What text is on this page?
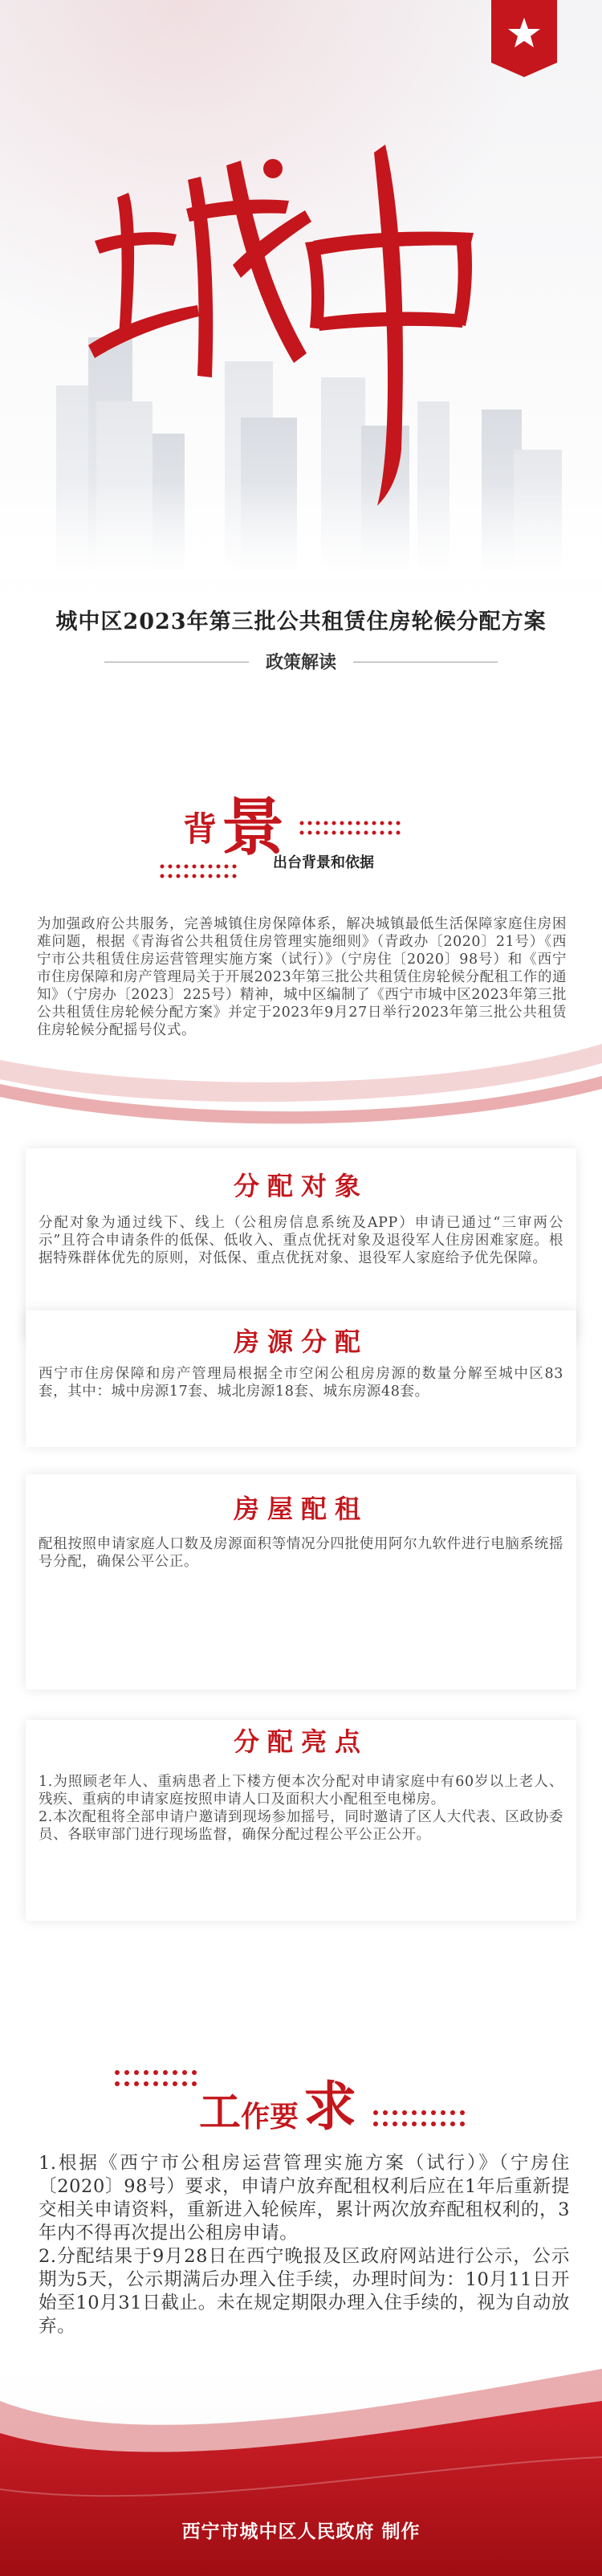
城中区2023年第三批公共租赁住房轮候分配方案
政策解读
背 景
出台背景和依据
为加强政府公共服务，完善城镇住房保障体系，解决城镇最低生活保障家庭住房困难问题，根据《青海省公共租赁住房管理实施细则》（青政办〔2020〕21号）《西宁市公共租赁住房运营管理实施方案（试行）》（宁房住〔2020〕98号）和《西宁市住房保障和房产管理局关于开展2023年第三批公共租赁住房轮候分配租工作的通知》（宁房办〔2023〕225号）精神，城中区编制了《西宁市城中区2023年第三批公共租赁住房轮候分配方案》并定于2023年9月27日举行2023年第三批公共租赁住房轮候分配摇号仪式。
分配对象
分配对象为通过线下、线上（公租房信息系统及APP）申请已通过“三审两公示”且符合申请条件的低保、低收入、重点优抚对象及退役军人住房困难家庭。根据特殊群体优先的原则，对低保、重点优抚对象、退役军人家庭给予优先保障。
房源分配
西宁市住房保障和房产管理局根据全市空闲公租房房源的数量分解至城中区83套，其中：城中房源17套、城北房源18套、城东房源48套。
房屋配租
配租按照申请家庭人口数及房源面积等情况分四批使用阿尔九软件进行电脑系统摇号分配，确保公平公正。
分配亮点
1.为照顾老年人、重病患者上下楼方便本次分配对申请家庭中有60岁以上老人、残疾、重病的申请家庭按照申请人口及面积大小配租至电梯房。
2.本次配租将全部申请户邀请到现场参加摇号，同时邀请了区人大代表、区政协委员、各联审部门进行现场监督，确保分配过程公平公正公开。
工 作要 求
1.根据《西宁市公租房运营管理实施方案（试行）》（宁房住〔2020〕98号）要求，申请户放弃配租权利后应在1年后重新提交相关申请资料，重新进入轮候库，累计两次放弃配租权利的，3年内不得再次提出公租房申请。
2.分配结果于9月28日在西宁晚报及区政府网站进行公示，公示期为5天，公示期满后办理入住手续，办理时间为：10月11日开始至10月31日截止。未在规定期限办理入住手续的，视为自动放弃。
西宁市城中区人民政府 制作
